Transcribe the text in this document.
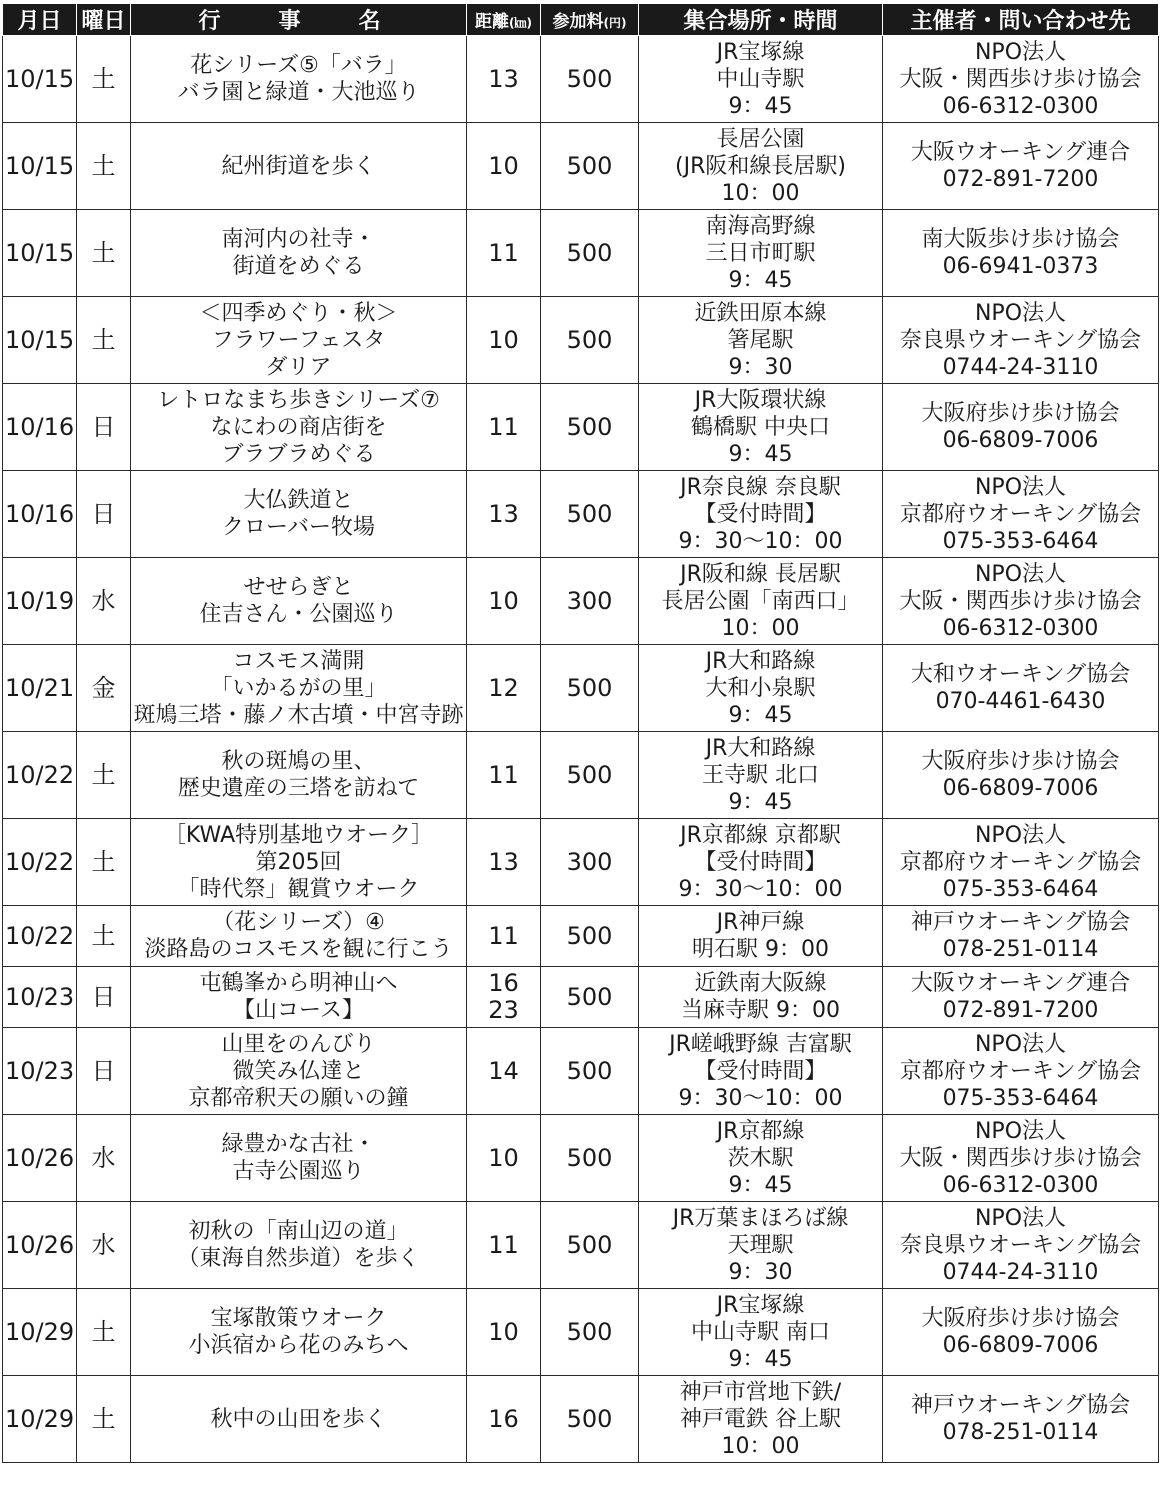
月日	曜日	行　事　名	距離(㎞)	参加料(円)	集合場所・時間	主催者・問い合わせ先
10/15	土	花シリーズ⑤「バラ」
バラ園と緑道・大池巡り	13	500	JR宝塚線
中山寺駅
9：45	NPO法人
大阪・関西歩け歩け協会
06-6312-0300
10/15	土	紀州街道を歩く	10	500	長居公園
(JR阪和線長居駅)
10：00	大阪ウオーキング連合
072-891-7200
10/15	土	南河内の社寺・
街道をめぐる	11	500	南海高野線
三日市町駅
9：45	南大阪歩け歩け協会
06-6941-0373
10/15	土	＜四季めぐり・秋＞
フラワーフェスタ
ダリア	10	500	近鉄田原本線
箸尾駅
9：30	NPO法人
奈良県ウオーキング協会
0744-24-3110
10/16	日	レトロなまち歩きシリーズ⑦
なにわの商店街を
ブラブラめぐる	11	500	JR大阪環状線
鶴橋駅 中央口
9：45	大阪府歩け歩け協会
06-6809-7006
10/16	日	大仏鉄道と
クローバー牧場	13	500	JR奈良線 奈良駅
【受付時間】
9：30〜10：00	NPO法人
京都府ウオーキング協会
075-353-6464
10/19	水	せせらぎと
住吉さん・公園巡り	10	300	JR阪和線 長居駅
長居公園「南西口」
10：00	NPO法人
大阪・関西歩け歩け協会
06-6312-0300
10/21	金	コスモス満開
「いかるがの里」
斑鳩三塔・藤ノ木古墳・中宮寺跡	12	500	JR大和路線
大和小泉駅
9：45	大和ウオーキング協会
070-4461-6430
10/22	土	秋の斑鳩の里、
歴史遺産の三塔を訪ねて	11	500	JR大和路線
王寺駅 北口
9：45	大阪府歩け歩け協会
06-6809-7006
10/22	土	［KWA特別基地ウオーク］
第205回
「時代祭」観賞ウオーク	13	300	JR京都線 京都駅
【受付時間】
9：30〜10：00	NPO法人
京都府ウオーキング協会
075-353-6464
10/22	土	（花シリーズ）④
淡路島のコスモスを観に行こう	11	500	JR神戸線
明石駅 9：00	神戸ウオーキング協会
078-251-0114
10/23	日	屯鶴峯から明神山へ
【山コース】	16
23	500	近鉄南大阪線
当麻寺駅 9：00	大阪ウオーキング連合
072-891-7200
10/23	日	山里をのんびり
微笑み仏達と
京都帝釈天の願いの鐘	14	500	JR嵯峨野線 吉富駅
【受付時間】
9：30〜10：00	NPO法人
京都府ウオーキング協会
075-353-6464
10/26	水	緑豊かな古社・
古寺公園巡り	10	500	JR京都線
茨木駅
9：45	NPO法人
大阪・関西歩け歩け協会
06-6312-0300
10/26	水	初秋の「南山辺の道」
（東海自然歩道）を歩く	11	500	JR万葉まほろば線
天理駅
9：30	NPO法人
奈良県ウオーキング協会
0744-24-3110
10/29	土	宝塚散策ウオーク
小浜宿から花のみちへ	10	500	JR宝塚線
中山寺駅 南口
9：45	大阪府歩け歩け協会
06-6809-7006
10/29	土	秋中の山田を歩く	16	500	神戸市営地下鉄/
神戸電鉄 谷上駅
10：00	神戸ウオーキング協会
078-251-0114
